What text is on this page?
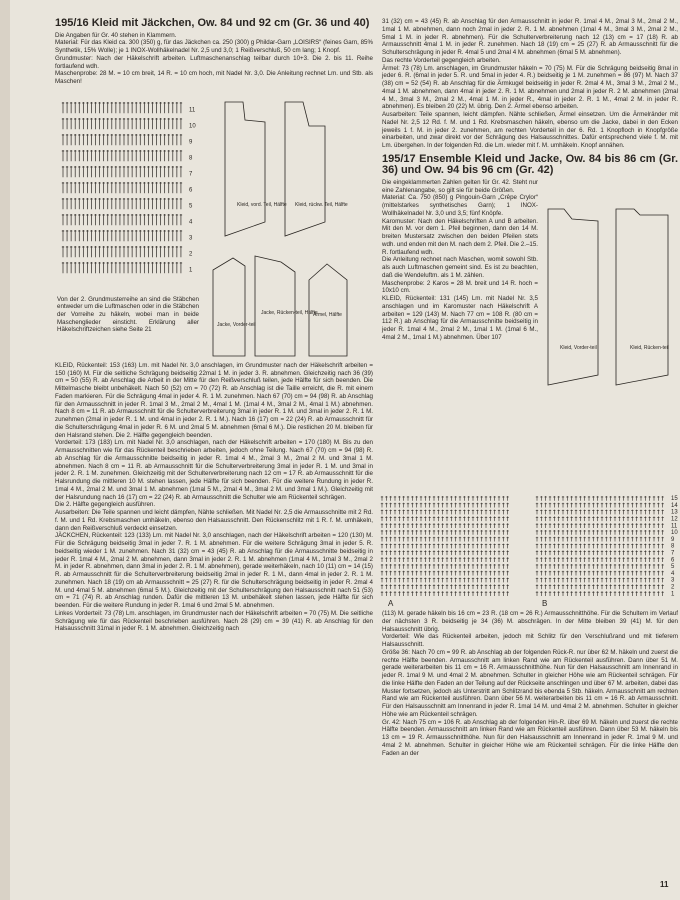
195/16 Kleid mit Jäckchen, Ow. 84 und 92 cm (Gr. 36 und 40)

Die Angaben für Gr. 40 stehen in Klammern.

Material: Für das Kleid ca. 300 (350) g, für das Jäckchen ca. 250 (300) g Phildar-Garn „LOISIRS“ (feines Garn, 85% Synthetik, 15% Wolle); je 1 INOX-Wollhäkelnadel Nr. 2,5 und 3,0; 1 Reißverschluß, 50 cm lang; 1 Knopf.

Grundmuster: Nach der Häkelschrift arbeiten. Luftmaschenanschlag teilbar durch 10+3. Die 2. bis 11. Reihe fortlaufend wdh.

Maschenprobe: 28 M. = 10 cm breit, 14 R. = 10 cm hoch, mit Nadel Nr. 3,0. Die Anleitung rechnet Lm. und Stb. als Maschen!

11
10
9
8
7
6
5
4
3
2
1
Kleid, vord. Teil, Hälfte Kleid, rückw. Teil, Hälfte
Jacke, Vorder-teil
Jacke, Rücken-teil, Hälfte
Ärmel, Hälfte
Von der 2. Grundmusterreihe an sind die Stäbchen entweder um die Luftmaschen oder in die Stäbchen der Vorreihe zu häkeln, wobei man in beide Maschenglieder einsticht. Erklärung aller Häkelschriftzeichen siehe Seite 21

KLEID, Rückenteil: 153 (163) Lm. mit Nadel Nr. 3,0 anschlagen, im Grundmuster nach der Häkelschrift arbeiten = 150 (160) M. Für die seitliche Schrägung beidseitig 22mal 1 M. in jeder 3. R. abnehmen. Gleichzeitig nach 36 (39) cm = 50 (55) R. ab Anschlag die Arbeit in der Mitte für den Reißverschluß teilen, jede Hälfte für sich beenden. Die Mittelmasche bleibt unbehäkelt. Nach 50 (52) cm = 70 (72) R. ab Anschlag ist die Taille erreicht, die R. mit einem Faden markieren. Für die Schrägung 4mal in jeder 4. R. 1 M. zunehmen. Nach 67 (70) cm = 94 (98) R. ab Anschlag für den Armausschnitt in jeder R. 1mal 3 M., 2mal 2 M., 4mal 1 M. (1mal 4 M., 3mal 2 M., 4mal 1 M.) abnehmen. Nach 8 cm = 11 R. ab Armausschnitt für die Schulterverbreiterung 3mal in jeder R. 1 M. und 3mal in jeder 2. R. 1 M. zunehmen (2mal in jeder R. 1 M. und 4mal in jeder 2. R. 1 M.). Nach 16 (17) cm = 22 (24) R. ab Armausschnitt für die Schulterschrägung 4mal in jeder R. 6 M. und 2mal 5 M. abnehmen (6mal 6 M.). Die restlichen 20 M. bleiben für den Halsrand stehen. Die 2. Hälfte gegengleich beenden.

Vorderteil: 173 (183) Lm. mit Nadel Nr. 3,0 anschlagen, nach der Häkelschrift arbeiten = 170 (180) M. Bis zu den Armausschnitten wie für das Rückenteil beschrieben arbeiten, jedoch ohne Teilung. Nach 67 (70) cm = 94 (98) R. ab Anschlag für die Armausschnitte beidseitig in jeder R. 1mal 4 M., 2mal 3 M., 2mal 2 M. und 3mal 1 M. abnehmen. Nach 8 cm = 11 R. ab Armausschnitt für die Schulterverbreiterung 3mal in jeder R. 1 M. und 3mal in jeder 2. R. 1 M. zunehmen. Gleichzeitig mit der Schulterverbreiterung nach 12 cm = 17 R. ab Armausschnitt für die Halsrundung die mittleren 10 M. stehen lassen, jede Hälfte für sich beenden. Für die weitere Rundung in jeder R. 1mal 4 M., 2mal 2 M. und 3mal 1 M. abnehmen (1mal 5 M., 2mal 4 M., 3mal 2 M. und 3mal 1 M.). Gleichzeitig mit der Halsrundung nach 16 (17) cm = 22 (24) R. ab Armausschnitt die Schulter wie am Rückenteil schrägen.

Die 2. Hälfte gegengleich ausführen.

Ausarbeiten: Die Teile spannen und leicht dämpfen, Nähte schließen. Mit Nadel Nr. 2,5 die Armausschnitte mit 2 Rd. f. M. und 1 Rd. Krebsmaschen umhäkeln, ebenso den Halsausschnitt. Den Rückenschlitz mit 1 R. f. M. umhäkeln, dann den Reißverschluß verdeckt einsetzen.

JÄCKCHEN, Rückenteil: 123 (133) Lm. mit Nadel Nr. 3,0 anschlagen, nach der Häkelschrift arbeiten = 120 (130) M. Für die Schrägung beidseitig 3mal in jeder 7. R. 1 M. abnehmen. Für die weitere Schrägung 3mal in jeder 5. R. beidseitig wieder 1 M. zunehmen. Nach 31 (32) cm = 43 (45) R. ab Anschlag für die Armausschnitte beidseitig in jeder R. 1mal 4 M., 2mal 2 M. abnehmen, dann 3mal in jeder 2. R. 1 M. abnehmen (1mal 4 M., 1mal 3 M., 2mal 2 M. in jeder R. abnehmen, dann 3mal in jeder 2. R. 1 M. abnehmen), gerade weiterhäkeln, nach 10 (11) cm = 14 (15) R. ab Armausschnitt für die Schulterverbreiterung beidseitig 2mal in jeder R. 1 M., dann 4mal in jeder 2. R. 1 M. zunehmen. Nach 18 (19) cm ab Armausschnitt = 25 (27) R. für die Schulterschrägung beidseitig in jeder R. 2mal 4 M. und 4mal 5 M. abnehmen (6mal 5 M.). Gleichzeitig mit der Schulterschrägung den Halsausschnitt nach 51 (53) cm = 71 (74) R. ab Anschlag runden. Dafür die mittleren 13 M. unbehäkelt stehen lassen, jede Hälfte für sich beenden. Für die weitere Rundung in jeder R. 1mal 6 und 2mal 5 M. abnehmen.

Linkes Vorderteil: 73 (78) Lm. anschlagen, im Grundmuster nach der Häkelschrift arbeiten = 70 (75) M. Die seitliche Schrägung wie für das Rückenteil beschrieben ausführen. Nach 28 (29) cm = 39 (41) R. ab Anschlag für den Halsausschnitt 31mal in jeder R. 1 M. abnehmen. Gleichzeitig nach

31 (32) cm = 43 (45) R. ab Anschlag für den Armausschnitt in jeder R. 1mal 4 M., 2mal 3 M., 2mal 2 M., 1mal 1 M. abnehmen, dann noch 2mal in jeder 2. R. 1 M. abnehmen (1mal 4 M., 3mal 3 M., 2mal 2 M., 5mal 1 M. in jeder R. abnehmen). Für die Schulterverbreiterung nach 12 (13) cm = 17 (18) R. ab Armausschnitt 4mal 1 M. in jeder R. zunehmen. Nach 18 (19) cm = 25 (27) R. ab Armausschnitt für die Schulterschrägung in jeder R. 4mal 5 und 2mal 4 M. abnehmen (6mal 5 M. abnehmen).

Das rechte Vorderteil gegengleich arbeiten.

Ärmel: 73 (78) Lm. anschlagen, im Grundmuster häkeln = 70 (75) M. Für die Schrägung beidseitig 8mal in jeder 6. R. (6mal in jeder 5. R. und 5mal in jeder 4. R.) beidseitig je 1 M. zunehmen = 86 (97) M. Nach 37 (38) cm = 52 (54) R. ab Anschlag für die Ärmkugel beidseitig in jeder R. 2mal 4 M., 3mal 3 M., 2mal 2 M., 4mal 1 M. abnehmen, dann 4mal in jeder 2. R. 1 M. abnehmen und 2mal in jeder R. 2 M. abnehmen (2mal 4 M., 3mal 3 M., 2mal 2 M., 4mal 1 M. in jeder R., 4mal in jeder 2. R. 1 M., 4mal 2 M. in jeder R. abnehmen). Es bleiben 20 (22) M. übrig. Den 2. Ärmel ebenso arbeiten.

Ausarbeiten: Teile spannen, leicht dämpfen. Nähte schließen, Ärmel einsetzen. Um die Ärmelränder mit Nadel Nr. 2,5 12 Rd. f. M. und 1 Rd. Krebsmaschen häkeln, ebenso um die Jacke, dabei in den Ecken jeweils 1 f. M. in jeder 2. zunehmen, am rechten Vorderteil in der 6. Rd. 1 Knopfloch in Knopfgröße einarbeiten, und zwar direkt vor der Schrägung des Halsausschnittes. Dafür entsprechend viele f. M. mit Lm. übergehen. In der folgenden Rd. die Lm. wieder mit f. M. umhäkeln. Knopf annähen.

195/17 Ensemble Kleid und Jacke, Ow. 84 bis 86 cm (Gr. 36) und Ow. 94 bis 96 cm (Gr. 42)

Die eingeklammerten Zahlen gelten für Gr. 42. Steht nur eine Zahlenangabe, so gilt sie für beide Größen.

Material: Ca. 750 (850) g Pingouin-Garn „Crêpe Crylor“ (mittelstarkes synthetisches Garn); 1 INOX-Wollhäkelnadel Nr. 3,0 und 3,5; fünf Knöpfe.

Karomuster: Nach den Häkelschriften A und B arbeiten. Mit den M. vor dem 1. Pfeil beginnen, dann den 14 M. breiten Mustersatz zwischen den beiden Pfeilen stets wdh. und enden mit den M. nach dem 2. Pfeil. Die 2.–15. R. fortlaufend wdh.

Die Anleitung rechnet nach Maschen, womit sowohl Stb. als auch Luftmaschen gemeint sind. Es ist zu beachten, daß die Wendeluftm. als 1 M. zählen.

Maschenprobe: 2 Karos = 28 M. breit und 14 R. hoch = 10x10 cm.

KLEID, Rückenteil: 131 (145) Lm. mit Nadel Nr. 3,5 anschlagen und im Karomuster nach Häkelschrift A arbeiten = 129 (143) M. Nach 77 cm = 108 R. (80 cm = 112 R.) ab Anschlag für die Armausschnitte beidseitig in jeder R. 1mal 4 M., 2mal 2 M., 1mal 1 M. (1mal 6 M., 4mal 2 M., 1mal 1 M.) abnehmen. Über 107

Kleid, Vorder-teil	Kleid, Rücken-teil
15
14
13
12
11
10
9
8
7
6
5
4
3
2
1
A	B

(113) M. gerade häkeln bis 16 cm = 23 R. (18 cm = 26 R.) Armausschnitthöhe. Für die Schultern im Verlauf der nächsten 3 R. beidseitig je 34 (36) M. abschrägen. In der Mitte bleiben 39 (41) M. für den Halsausschnitt übrig.

Vorderteil: Wie das Rückenteil arbeiten, jedoch mit Schlitz für den Verschlußrand und mit tieferem Halsausschnitt.

Größe 36: Nach 70 cm = 99 R. ab Anschlag ab der folgenden Rück-R. nur über 62 M. häkeln und zuerst die rechte Hälfte beenden. Armausschnitt am linken Rand wie am Rückenteil ausführen. Dann über 51 M. gerade weiterarbeiten bis 11 cm = 16 R. Armausschnitthöhe. Nun für den Halsausschnitt am Innenrand in jeder R. 1mal 9 M. und 4mal 2 M. abnehmen. Schulter in gleicher Höhe wie am Rückenteil schrägen. Für die linke Hälfte den Faden an der Teilung auf der Rückseite anschlingen und über 67 M. arbeiten, dabei das Muster fortsetzen, jedoch als Unterstritt am Schlitzrand bis ebenda 5 Stb. häkeln. Armausschnitt am rechten Rand wie am Rückenteil ausführen. Dann über 56 M. weiterarbeiten bis 11 cm = 16 R. ab Armausschnitt. Für den Halsausschnitt am Innenrand in jeder R. 1mal 14 M. und 4mal 2 M. abnehmen. Schulter in gleicher Höhe wie am Rückenteil schrägen.

Gr. 42: Nach 75 cm = 106 R. ab Anschlag ab der folgenden Hin-R. über 69 M. häkeln und zuerst die rechte Hälfte beenden. Armausschnitt am linken Rand wie am Rückenteil ausführen. Dann über 53 M. häkeln bis 13 cm = 19 R. Armausschnitthöhe. Nun für den Halsausschnitt am Innenrand in jeder R. 1mal 9 M. und 4mal 2 M. abnehmen. Schulter in gleicher Höhe wie am Rückenteil schrägen. Für die linke Hälfte den Faden an der

11
